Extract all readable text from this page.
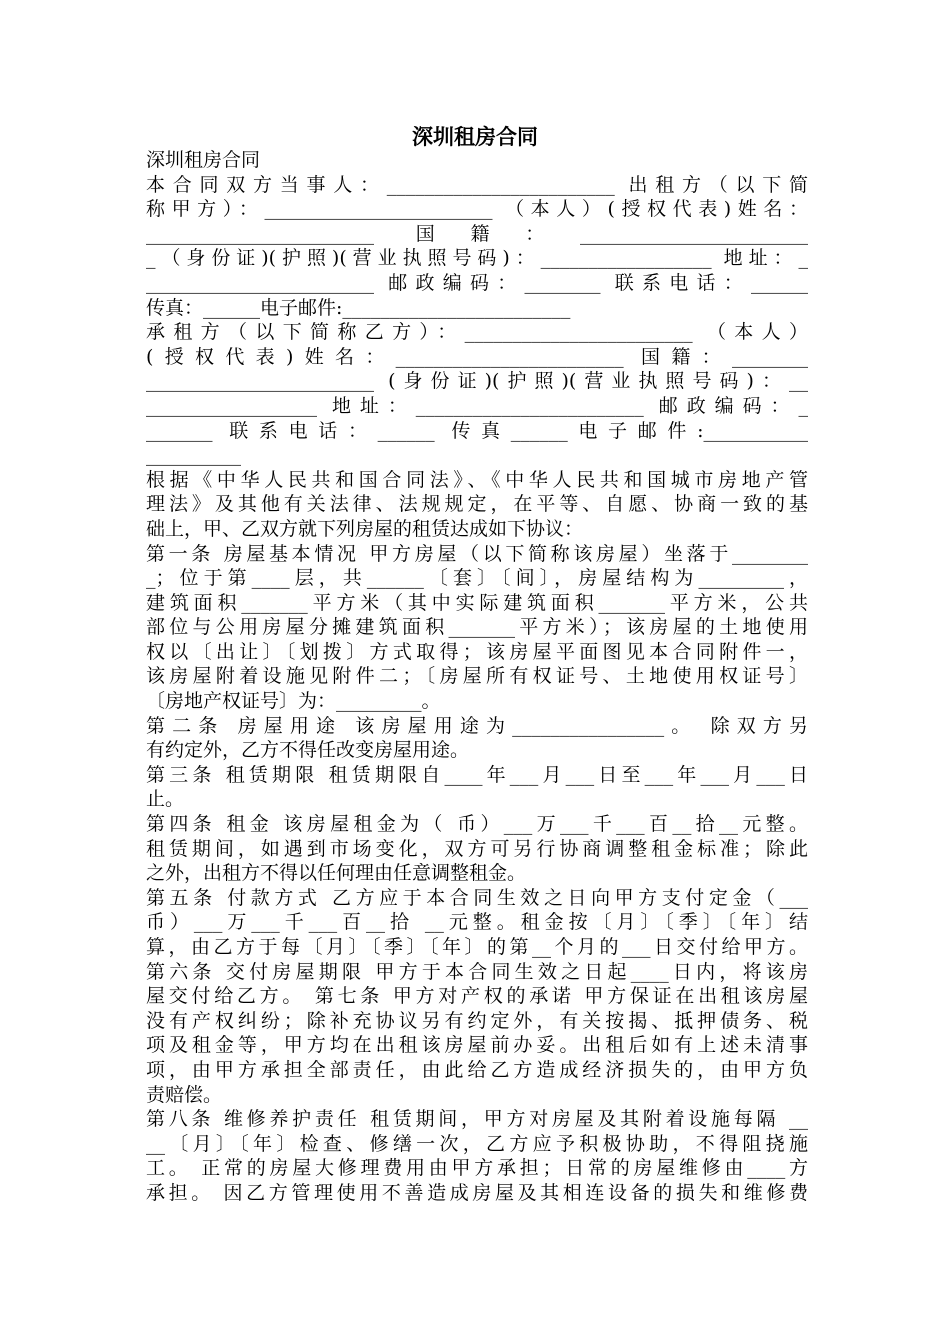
深圳租房合同
深圳租房合同
本合同双方当事人：________________________ 出租方（以下简
称甲方）：________________________ （本人）(授权代表)姓名：
________________________ 国籍：________________________
_（身份证)(护照)(营业执照号码)：__________________ 地址：_
________________________ 邮政编码：________ 联系电话：______
传真：______电子邮件:________________________
承租方（以下简称乙方）：________________________ （本人）
(授权代表)姓名：________________________ 国籍：________
________________________ (身份证)(护照)(营业执照号码)：__
__________________ 地址：________________________ 邮政编码：_
_______ 联系电话：______ 传真______电子邮件:___________
__________
根据《中华人民共和国合同法》、《中华人民共和国城市房地产管
理法》及其他有关法律、法规规定，在平等、自愿、协商一致的基
础上，甲、乙双方就下列房屋的租赁达成如下协议：
第一条 房屋基本情况 甲方房屋（以下简称该房屋）坐落于________
_；位于第____层，共______〔套〕〔间〕，房屋结构为_________，
建筑面积_______平方米（其中实际建筑面积_______平方米，公共
部位与公用房屋分摊建筑面积_______平方米）；该房屋的土地使用
权以〔出让〕〔划拨〕方式取得；该房屋平面图见本合同附件一，
该房屋附着设施见附件二；〔房屋所有权证号、土地使用权证号〕
〔房地产权证号〕为：_________。
第二条 房屋用途 该房屋用途为________________。 除双方另
有约定外，乙方不得任改变房屋用途。
第三条 租赁期限 租赁期限自____年___月___日至___年___月___日
止。
第四条 租金 该房屋租金为（ 币）___万___千___百__拾__元整。
租赁期间，如遇到市场变化，双方可另行协商调整租金标准；除此
之外，出租方不得以任何理由任意调整租金。
第五条 付款方式 乙方应于本合同生效之日向甲方支付定金（___
币）___万___千___百__拾 __元整。租金按〔月〕〔季〕〔年〕结
算，由乙方于每〔月〕〔季〕〔年〕的第__个月的___日交付给甲方。
第六条 交付房屋期限 甲方于本合同生效之日起____日内，将该房
屋交付给乙方。 第七条 甲方对产权的承诺 甲方保证在出租该房屋
没有产权纠纷；除补充协议另有约定外，有关按揭、抵押债务、税
项及租金等，甲方均在出租该房屋前办妥。出租后如有上述未清事
项，由甲方承担全部责任，由此给乙方造成经济损失的，由甲方负
责赔偿。
第八条 维修养护责任 租赁期间，甲方对房屋及其附着设施每隔 __
__〔月〕〔年〕检查、修缮一次，乙方应予积极协助，不得阻挠施
工。 正常的房屋大修理费用由甲方承担；日常的房屋维修由____方
承担。 因乙方管理使用不善造成房屋及其相连设备的损失和维修费
